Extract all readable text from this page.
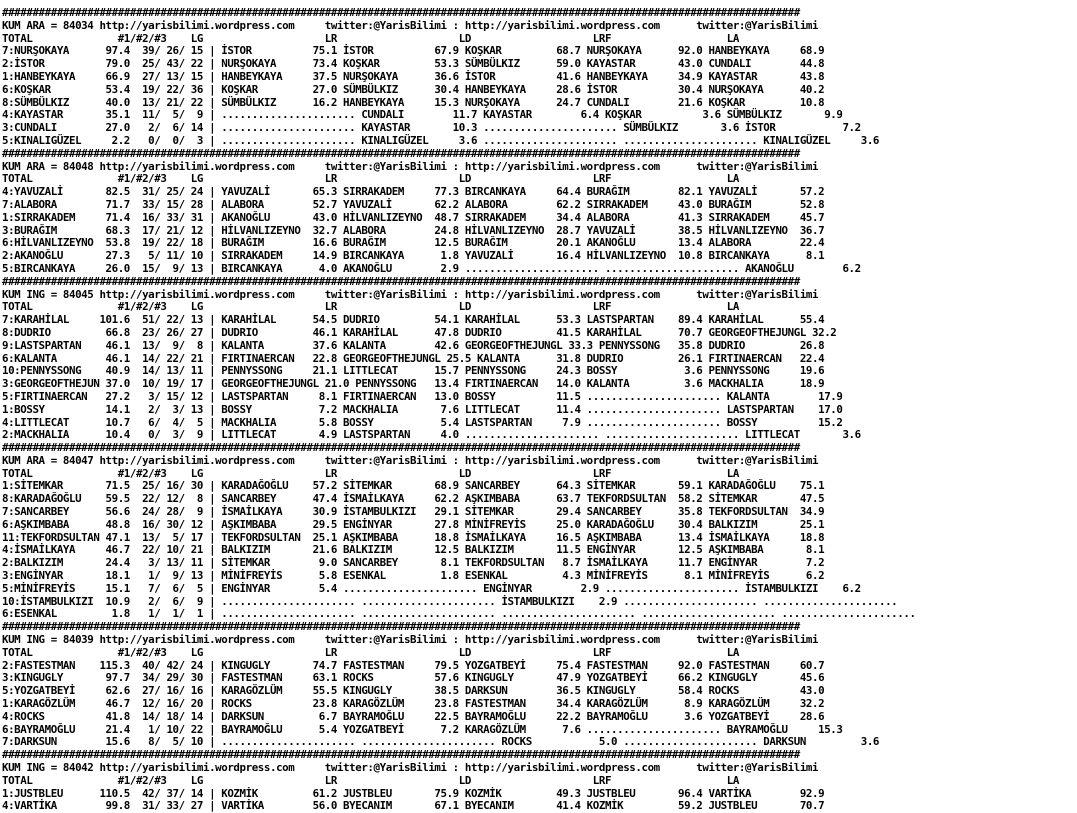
###################################################################################################################################
KUM ARA = 84034 http://yarisbilimi.wordpress.com     twitter:@YarisBilimi : http://yarisbilimi.wordpress.com      twitter:@YarisBilimi
TOTAL              #1/#2/#3    LG                    LR                    LD                    LRF                   LA
7:NURŞOKAYA      97.4  39/ 26/ 15 | İSTOR          75.1 İSTOR          67.9 KOŞKAR         68.7 NURŞOKAYA      92.0 HANBEYKAYA     68.9
2:İSTOR          79.0  25/ 43/ 22 | NURŞOKAYA      73.4 KOŞKAR         53.3 SÜMBÜLKIZ      59.0 KAYASTAR       43.0 CUNDALI        44.8
1:HANBEYKAYA     66.9  27/ 13/ 15 | HANBEYKAYA     37.5 NURŞOKAYA      36.6 İSTOR          41.6 HANBEYKAYA     34.9 KAYASTAR       43.8
6:KOŞKAR         53.4  19/ 22/ 36 | KOŞKAR         27.0 SÜMBÜLKIZ      30.4 HANBEYKAYA     28.6 İSTOR          30.4 NURŞOKAYA      40.2
8:SÜMBÜLKIZ      40.0  13/ 21/ 22 | SÜMBÜLKIZ      16.2 HANBEYKAYA     15.3 NURŞOKAYA      24.7 CUNDALI        21.6 KOŞKAR         10.8
4:KAYASTAR       35.1  11/  5/  9 | ...................... CUNDALI        11.7 KAYASTAR        6.4 KOŞKAR          3.6 SÜMBÜLKIZ       9.9
3:CUNDALI        27.0   2/  6/ 14 | ...................... KAYASTAR       10.3 ...................... SÜMBÜLKIZ       3.6 İSTOR           7.2
5:KINALIGÜZEL     2.2   0/  0/  3 | ...................... KINALIGÜZEL     3.6 ...................... ...................... KINALIGÜZEL     3.6
###################################################################################################################################
KUM ARA = 84048 http://yarisbilimi.wordpress.com     twitter:@YarisBilimi : http://yarisbilimi.wordpress.com      twitter:@YarisBilimi
TOTAL              #1/#2/#3    LG                    LR                    LD                    LRF                   LA
4:YAVUZALİ       82.5  31/ 25/ 24 | YAVUZALİ       65.3 SIRRAKADEM     77.3 BIRCANKAYA     64.4 BURAĞIM        82.1 YAVUZALİ       57.2
7:ALABORA        71.7  33/ 15/ 28 | ALABORA        52.7 YAVUZALİ       62.2 ALABORA        62.2 SIRRAKADEM     43.0 BURAĞIM        52.8
1:SIRRAKADEM     71.4  16/ 33/ 31 | AKANOĞLU       43.0 HİLVANLIZEYNO  48.7 SIRRAKADEM     34.4 ALABORA        41.3 SIRRAKADEM     45.7
3:BURAĞIM        68.3  17/ 21/ 12 | HİLVANLIZEYNO  32.7 ALABORA        24.8 HİLVANLIZEYNO  28.7 YAVUZALİ       38.5 HİLVANLIZEYNO  36.7
6:HİLVANLIZEYNO  53.8  19/ 22/ 18 | BURAĞIM        16.6 BURAĞIM        12.5 BURAĞIM        20.1 AKANOĞLU       13.4 ALABORA        22.4
2:AKANOĞLU       27.3   5/ 11/ 10 | SIRRAKADEM     14.9 BIRCANKAYA      1.8 YAVUZALİ       16.4 HİLVANLIZEYNO  10.8 BIRCANKAYA      8.1
5:BIRCANKAYA     26.0  15/  9/ 13 | BIRCANKAYA      4.0 AKANOĞLU        2.9 ...................... ...................... AKANOĞLU        6.2
###################################################################################################################################
KUM ING = 84045 http://yarisbilimi.wordpress.com     twitter:@YarisBilimi : http://yarisbilimi.wordpress.com      twitter:@YarisBilimi
TOTAL              #1/#2/#3    LG                    LR                    LD                    LRF                   LA
7:KARAHİLAL     101.6  51/ 22/ 13 | KARAHİLAL      54.5 DUDRIO         54.1 KARAHİLAL      53.3 LASTSPARTAN    89.4 KARAHİLAL      55.4
8:DUDRIO         66.8  23/ 26/ 27 | DUDRIO         46.1 KARAHİLAL      47.8 DUDRIO         41.5 KARAHİLAL      70.7 GEORGEOFTHEJUNGL 32.2
9:LASTSPARTAN    46.1  13/  9/  8 | KALANTA        37.6 KALANTA        42.6 GEORGEOFTHEJUNGL 33.3 PENNYSSONG   35.8 DUDRIO         26.8
6:KALANTA        46.1  14/ 22/ 21 | FIRTINAERCAN   22.8 GEORGEOFTHEJUNGL 25.5 KALANTA      31.8 DUDRIO         26.1 FIRTINAERCAN   22.4
10:PENNYSSONG    40.9  14/ 13/ 11 | PENNYSSONG     21.1 LITTLECAT      15.7 PENNYSSONG     24.3 BOSSY           3.6 PENNYSSONG     19.6
3:GEORGEOFTHEJUN 37.0  10/ 19/ 17 | GEORGEOFTHEJUNGL 21.0 PENNYSSONG   13.4 FIRTINAERCAN   14.0 KALANTA         3.6 MACKHALIA      18.9
5:FIRTINAERCAN   27.2   3/ 15/ 12 | LASTSPARTAN     8.1 FIRTINAERCAN   13.0 BOSSY          11.5 ...................... KALANTA        17.9
1:BOSSY          14.1   2/  3/ 13 | BOSSY           7.2 MACKHALIA       7.6 LITTLECAT      11.4 ...................... LASTSPARTAN    17.0
4:LITTLECAT      10.7   6/  4/  5 | MACKHALIA       5.8 BOSSY           5.4 LASTSPARTAN     7.9 ...................... BOSSY          15.2
2:MACKHALIA      10.4   0/  3/  9 | LITTLECAT       4.9 LASTSPARTAN     4.0 ...................... ...................... LITTLECAT       3.6
###################################################################################################################################
KUM ARA = 84047 http://yarisbilimi.wordpress.com     twitter:@YarisBilimi : http://yarisbilimi.wordpress.com      twitter:@YarisBilimi
TOTAL              #1/#2/#3    LG                    LR                    LD                    LRF                   LA
1:SİTEMKAR       71.5  25/ 16/ 30 | KARADAĞOĞLU    57.2 SİTEMKAR       68.9 SANCARBEY      64.3 SİTEMKAR       59.1 KARADAĞOĞLU    75.1
8:KARADAĞOĞLU    59.5  22/ 12/  8 | SANCARBEY      47.4 İSMAİLKAYA     62.2 AŞKIMBABA      63.7 TEKFORDSULTAN  58.2 SİTEMKAR       47.5
7:SANCARBEY      56.6  24/ 28/  9 | İSMAİLKAYA     30.9 İSTAMBULKIZI   29.1 SİTEMKAR       29.4 SANCARBEY      35.8 TEKFORDSULTAN  34.9
6:AŞKIMBABA      48.8  16/ 30/ 12 | AŞKIMBABA      29.5 ENGİNYAR       27.8 MİNİFREYİS     25.0 KARADAĞOĞLU    30.4 BALKIZIM       25.1
11:TEKFORDSULTAN 47.1  13/  5/ 17 | TEKFORDSULTAN  25.1 AŞKIMBABA      18.8 İSMAİLKAYA     16.5 AŞKIMBABA      13.4 İSMAİLKAYA     18.8
4:İSMAİLKAYA     46.7  22/ 10/ 21 | BALKIZIM       21.6 BALKIZIM       12.5 BALKIZIM       11.5 ENGİNYAR       12.5 AŞKIMBABA       8.1
2:BALKIZIM       24.4   3/ 13/ 11 | SİTEMKAR        9.0 SANCARBEY       8.1 TEKFORDSULTAN   8.7 İSMAİLKAYA     11.7 ENGİNYAR        7.2
3:ENGİNYAR       18.1   1/  9/ 13 | MİNİFREYİS      5.8 ESENKAL         1.8 ESENKAL         4.3 MİNİFREYİS      8.1 MİNİFREYİS      6.2
5:MİNİFREYİS     15.1   7/  6/  5 | ENGİNYAR        5.4 ...................... ENGİNYAR        2.9 ...................... İSTAMBULKIZI    6.2
10:İSTAMBULKIZI  10.9   2/  6/  9 | ...................... ...................... İSTAMBULKIZI    2.9 ...................... ......................
6:ESENKAL         1.8   1/  1/  1 | ...................... ...................... ...................... ...................... ......................
###################################################################################################################################
KUM ING = 84039 http://yarisbilimi.wordpress.com     twitter:@YarisBilimi : http://yarisbilimi.wordpress.com      twitter:@YarisBilimi
TOTAL              #1/#2/#3    LG                    LR                    LD                    LRF                   LA
2:FASTESTMAN    115.3  40/ 42/ 24 | KINGUGLY       74.7 FASTESTMAN     79.5 YOZGATBEYİ     75.4 FASTESTMAN     92.0 FASTESTMAN     60.7
3:KINGUGLY       97.7  34/ 29/ 30 | FASTESTMAN     63.1 ROCKS          57.6 KINGUGLY       47.9 YOZGATBEYİ     66.2 KINGUGLY       45.6
5:YOZGATBEYİ     62.6  27/ 16/ 16 | KARAGÖZLÜM     55.5 KINGUGLY       38.5 DARKSUN        36.5 KINGUGLY       58.4 ROCKS          43.0
1:KARAGÖZLÜM     46.7  12/ 16/ 20 | ROCKS          23.8 KARAGÖZLÜM     23.8 FASTESTMAN     34.4 KARAGÖZLÜM      8.9 KARAGÖZLÜM     32.2
4:ROCKS          41.8  14/ 18/ 14 | DARKSUN         6.7 BAYRAMOĞLU     22.5 BAYRAMOĞLU     22.2 BAYRAMOĞLU      3.6 YOZGATBEYİ     28.6
6:BAYRAMOĞLU     21.4   1/ 10/ 22 | BAYRAMOĞLU      5.4 YOZGATBEYİ      7.2 KARAGÖZLÜM      7.6 ...................... BAYRAMOĞLU     15.3
7:DARKSUN        15.6   8/  5/ 10 | ...................... ...................... ROCKS           5.0 ...................... DARKSUN         3.6
###################################################################################################################################
KUM ING = 84042 http://yarisbilimi.wordpress.com     twitter:@YarisBilimi : http://yarisbilimi.wordpress.com      twitter:@YarisBilimi
TOTAL              #1/#2/#3    LG                    LR                    LD                    LRF                   LA
1:JUSTBLEU      110.5  42/ 37/ 14 | KOZMİK         61.2 JUSTBLEU       75.9 KOZMİK         49.3 JUSTBLEU       96.4 VARTİKA        92.9
4:VARTİKA        99.8  31/ 33/ 27 | VARTİKA        56.0 BYECANIM       67.1 BYECANIM       41.4 KOZMİK         59.2 JUSTBLEU       70.7
